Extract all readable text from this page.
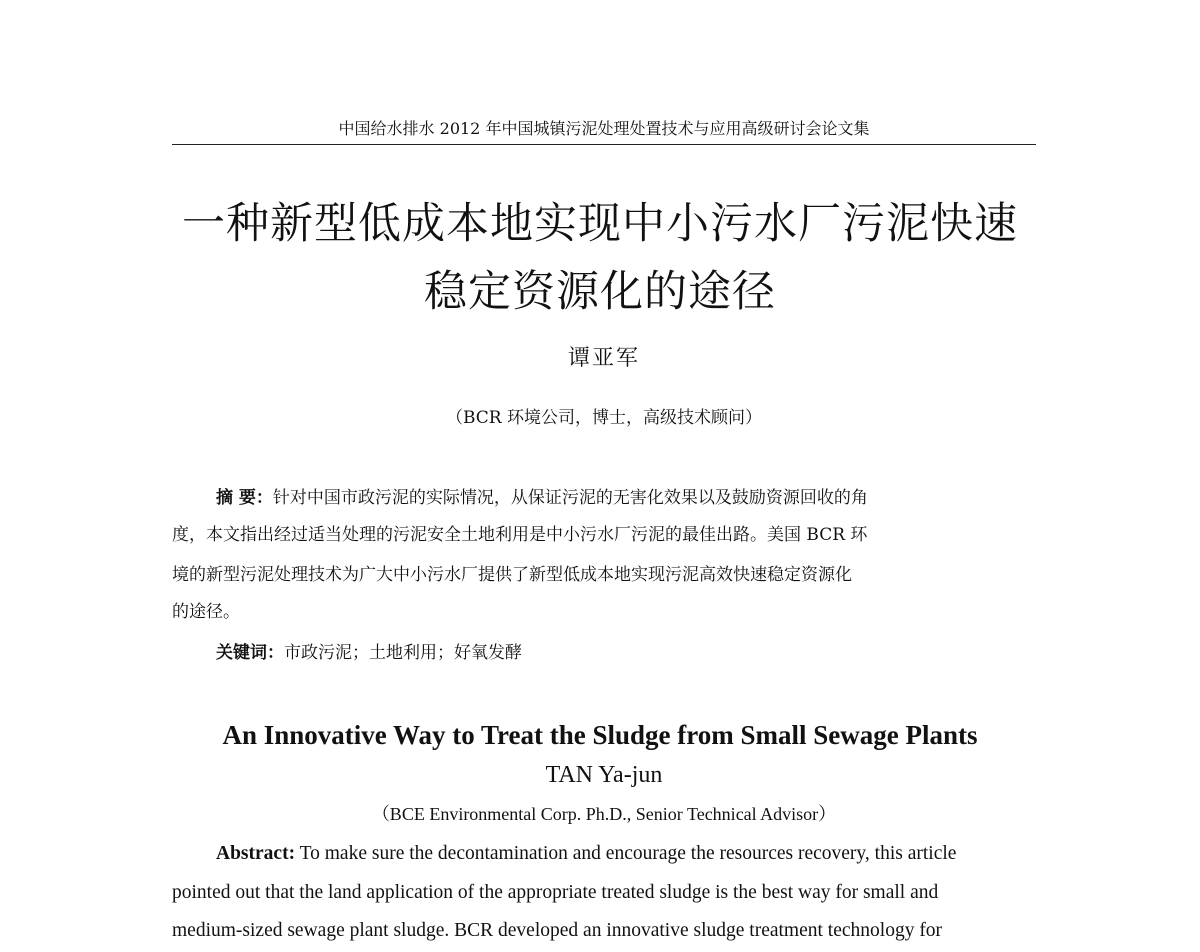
中国给水排水 2012 年中国城镇污泥处理处置技术与应用高级研讨会论文集
一种新型低成本地实现中小污水厂污泥快速
稳定资源化的途径
谭亚军
（BCR 环境公司，博士，高级技术顾问）
摘 要：针对中国市政污泥的实际情况，从保证污泥的无害化效果以及鼓励资源回收的角
度，本文指出经过适当处理的污泥安全土地利用是中小污水厂污泥的最佳出路。美国 BCR 环
境的新型污泥处理技术为广大中小污水厂提供了新型低成本地实现污泥高效快速稳定资源化
的途径。
关键词：市政污泥；土地利用；好氧发酵
An Innovative Way to Treat the Sludge from Small Sewage Plants
TAN Ya-jun
（BCE Environmental Corp. Ph.D., Senior Technical Advisor）
Abstract: To make sure the decontamination and encourage the resources recovery, this article
pointed out that the land application of the appropriate treated sludge is the best way for small and
medium-sized sewage plant sludge. BCR developed an innovative sludge treatment technology for
